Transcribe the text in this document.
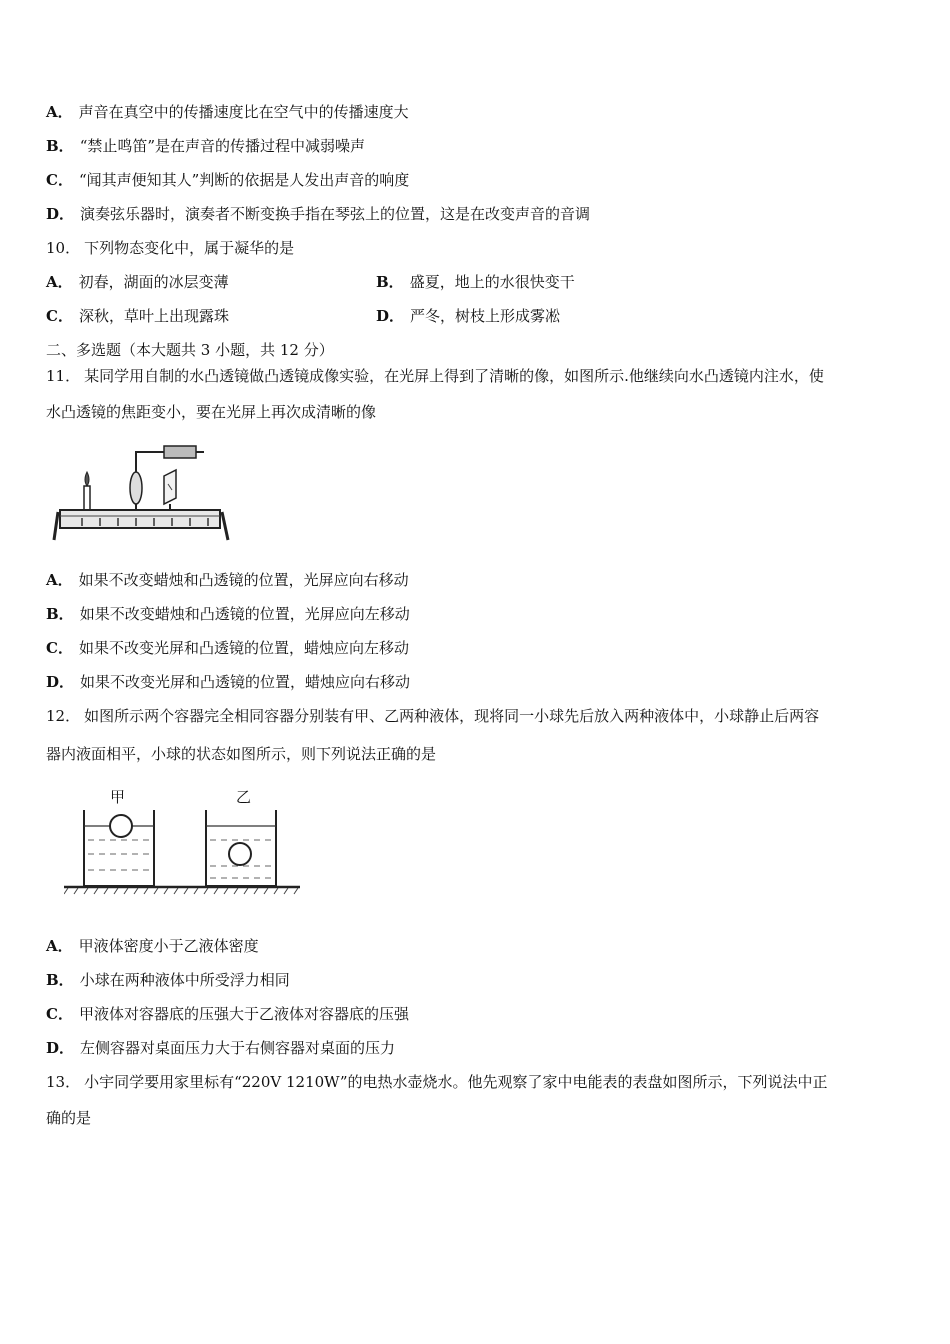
A． 声音在真空中的传播速度比在空气中的传播速度大
B． “禁止鸣笛”是在声音的传播过程中减弱噪声
C． “闻其声便知其人”判断的依据是人发出声音的响度
D． 演奏弦乐器时，演奏者不断变换手指在琴弦上的位置，这是在改变声音的音调
10． 下列物态变化中，属于凝华的是
A． 初春，湖面的冰层变薄	B． 盛夏，地上的水很快变干
C． 深秋，草叶上出现露珠	D． 严冬，树枝上形成雾凇
二、多选题（本大题共 3 小题，共 12 分）
11． 某同学用自制的水凸透镜做凸透镜成像实验，在光屏上得到了清晰的像，如图所示.他继续向水凸透镜内注水，使
水凸透镜的焦距变小，要在光屏上再次成清晰的像
A． 如果不改变蜡烛和凸透镜的位置，光屏应向右移动
B． 如果不改变蜡烛和凸透镜的位置，光屏应向左移动
C． 如果不改变光屏和凸透镜的位置，蜡烛应向左移动
D． 如果不改变光屏和凸透镜的位置，蜡烛应向右移动
12． 如图所示两个容器完全相同容器分别装有甲、乙两种液体，现将同一小球先后放入两种液体中，小球静止后两容
器内液面相平，小球的状态如图所示，则下列说法正确的是
甲	乙
A． 甲液体密度小于乙液体密度
B． 小球在两种液体中所受浮力相同
C． 甲液体对容器底的压强大于乙液体对容器底的压强
D． 左侧容器对桌面压力大于右侧容器对桌面的压力
13． 小宇同学要用家里标有“220V 1210W”的电热水壶烧水。他先观察了家中电能表的表盘如图所示，下列说法中正
确的是
